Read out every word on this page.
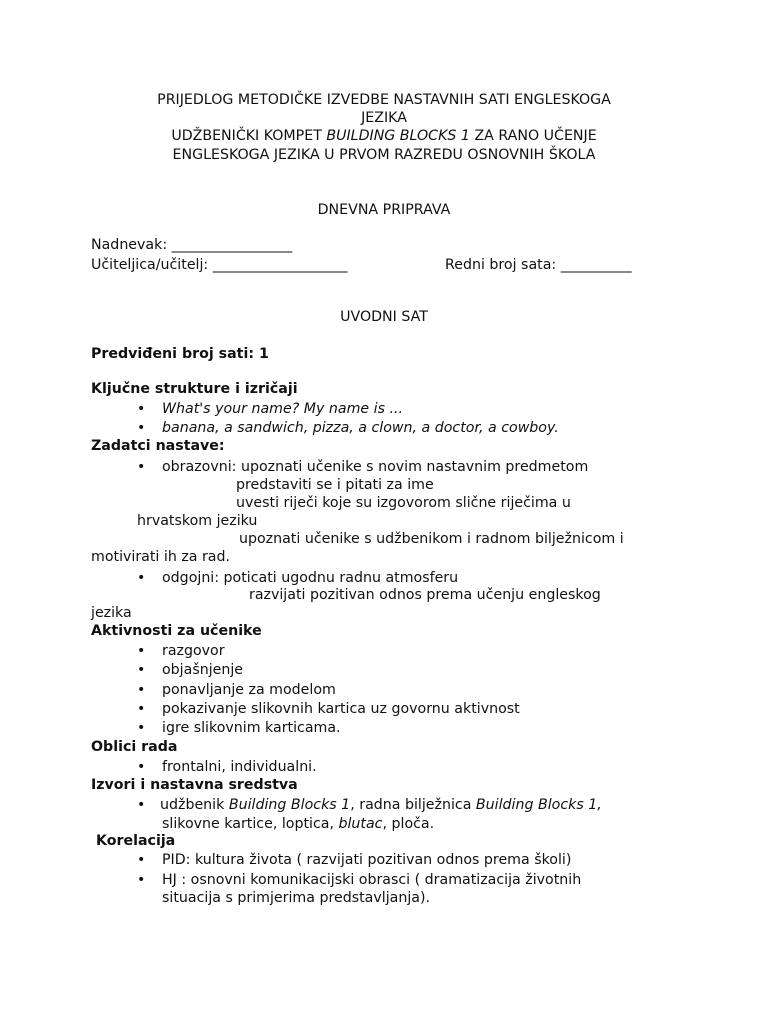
PRIJEDLOG METODIČKE IZVEDBE NASTAVNIH SATI ENGLESKOGA
JEZIKA
UDŽBENIČKI KOMPET BUILDING BLOCKS 1 ZA RANO UČENJE
ENGLESKOGA JEZIKA U PRVOM RAZREDU OSNOVNIH ŠKOLA
DNEVNA PRIPRAVA
Nadnevak: _________________
Učiteljica/učitelj: ___________________	Redni broj sata: __________
UVODNI SAT
Predviđeni broj sati: 1
Ključne strukture i izričaji
• What's your name? My name is ...
• banana, a sandwich, pizza, a clown, a doctor, a cowboy.
Zadatci nastave:
• obrazovni: upoznati učenike s novim nastavnim predmetom
predstaviti se i pitati za ime
uvesti riječi koje su izgovorom slične riječima u
hrvatskom jeziku
upoznati učenike s udžbenikom i radnom bilježnicom i
motivirati ih za rad.
• odgojni: poticati ugodnu radnu atmosferu
razvijati pozitivan odnos prema učenju engleskog
jezika
Aktivnosti za učenike
• razgovor
• objašnjenje
• ponavljanje za modelom
• pokazivanje slikovnih kartica uz govornu aktivnost
• igre slikovnim karticama.
Oblici rada
• frontalni, individualni.
Izvori i nastavna sredstva
• udžbenik Building Blocks 1, radna bilježnica Building Blocks 1,
slikovne kartice, loptica, blutac, ploča.
Korelacija
• PID: kultura života ( razvijati pozitivan odnos prema školi)
• HJ : osnovni komunikacijski obrasci ( dramatizacija životnih
situacija s primjerima predstavljanja).
